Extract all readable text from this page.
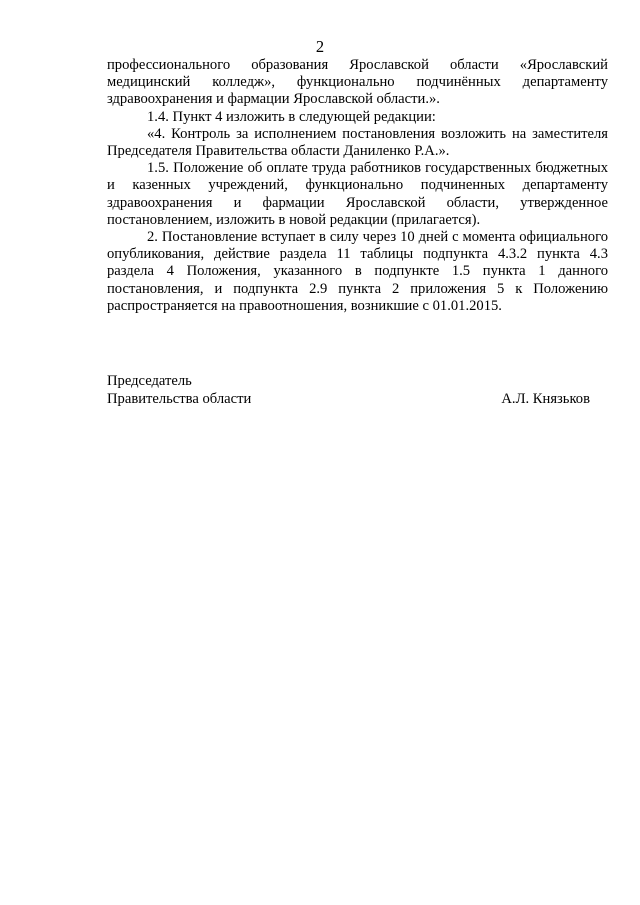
2

профессионального образования Ярославской области «Ярославский медицинский колледж», функционально подчинённых департаменту здравоохранения и фармации Ярославской области.».

1.4. Пункт 4 изложить в следующей редакции:

«4. Контроль за исполнением постановления возложить на заместителя Председателя Правительства области Даниленко Р.А.».

1.5. Положение об оплате труда работников государственных бюджетных и казенных учреждений, функционально подчиненных департаменту здравоохранения и фармации Ярославской области, утвержденное постановлением, изложить в новой редакции (прилагается).

2. Постановление вступает в силу через 10 дней с момента официального опубликования, действие раздела 11 таблицы подпункта 4.3.2 пункта 4.3 раздела 4 Положения, указанного в подпункте 1.5 пункта 1 данного постановления, и подпункта 2.9 пункта 2 приложения 5 к Положению распространяется на правоотношения, возникшие с 01.01.2015.

Председатель
Правительства области	А.Л. Князьков
